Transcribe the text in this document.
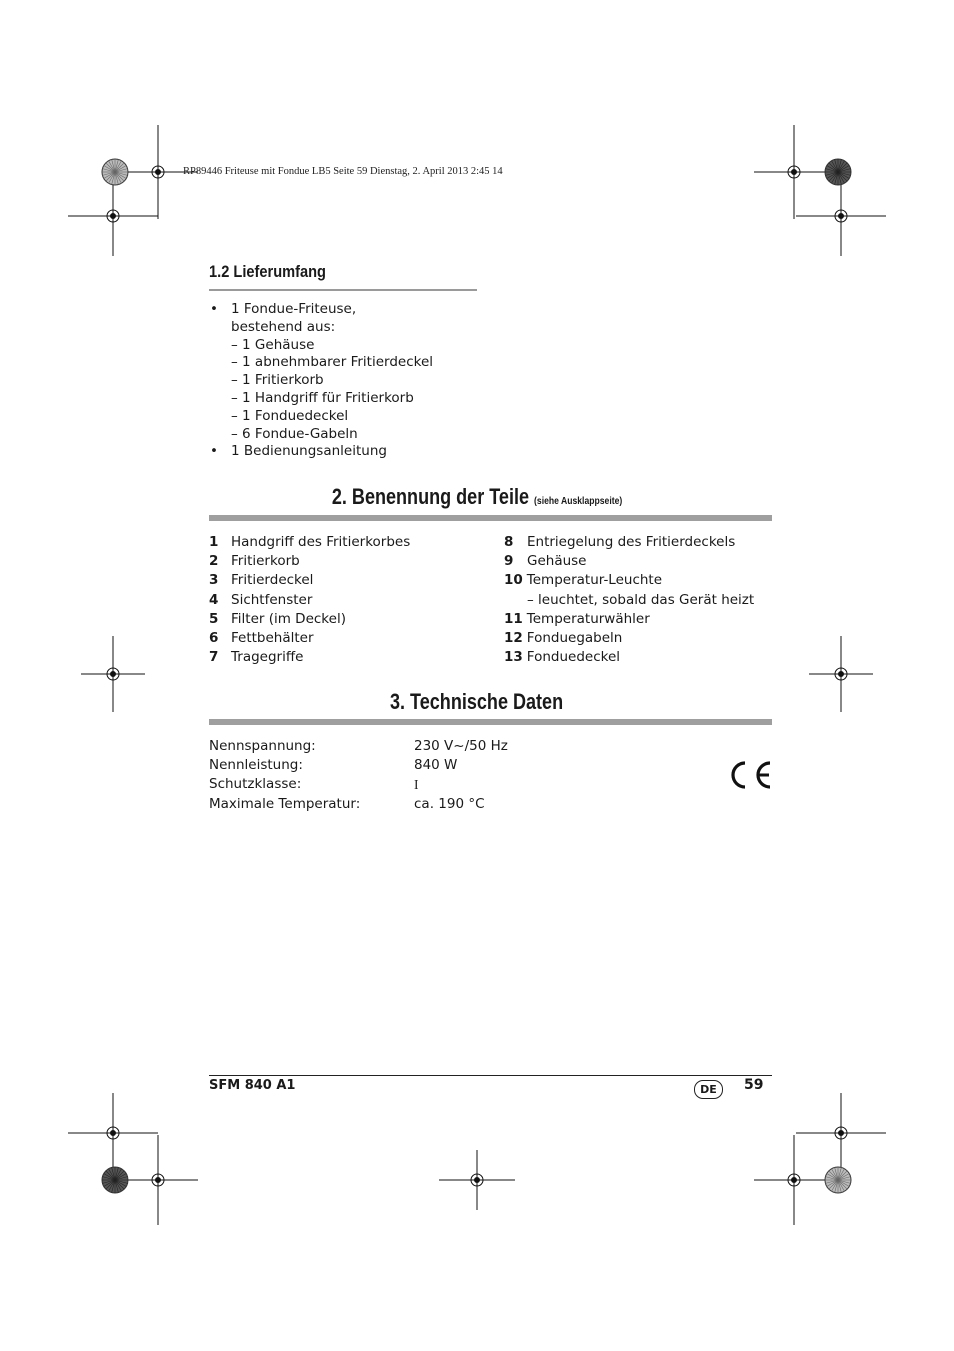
RP89446 Friteuse mit Fondue LB5 Seite 59 Dienstag, 2. April 2013 2:45 14
1.2 Lieferumfang
• 1 Fondue-Friteuse,
bestehend aus:
– 1 Gehäuse
– 1 abnehmbarer Fritierdeckel
– 1 Fritierkorb
– 1 Handgriff für Fritierkorb
– 1 Fonduedeckel
– 6 Fondue-Gabeln
• 1 Bedienungsanleitung
2. Benennung der Teile (siehe Ausklappseite)
1 Handgriff des Fritierkorbes
2 Fritierkorb
3 Fritierdeckel
4 Sichtfenster
5 Filter (im Deckel)
6 Fettbehälter
7 Tragegriffe
8	Entriegelung des Fritierdeckels
9	Gehäuse
10 Temperatur-Leuchte
– leuchtet, sobald das Gerät heizt
11 Temperaturwähler
12 Fonduegabeln
13 Fonduedeckel
3. Technische Daten
Nennspannung:	230 V~/50 Hz
Nennleistung:	840 W
Schutzklasse:	I
Maximale Temperatur:	ca. 190 °C
SFM 840 A1	DE	59
